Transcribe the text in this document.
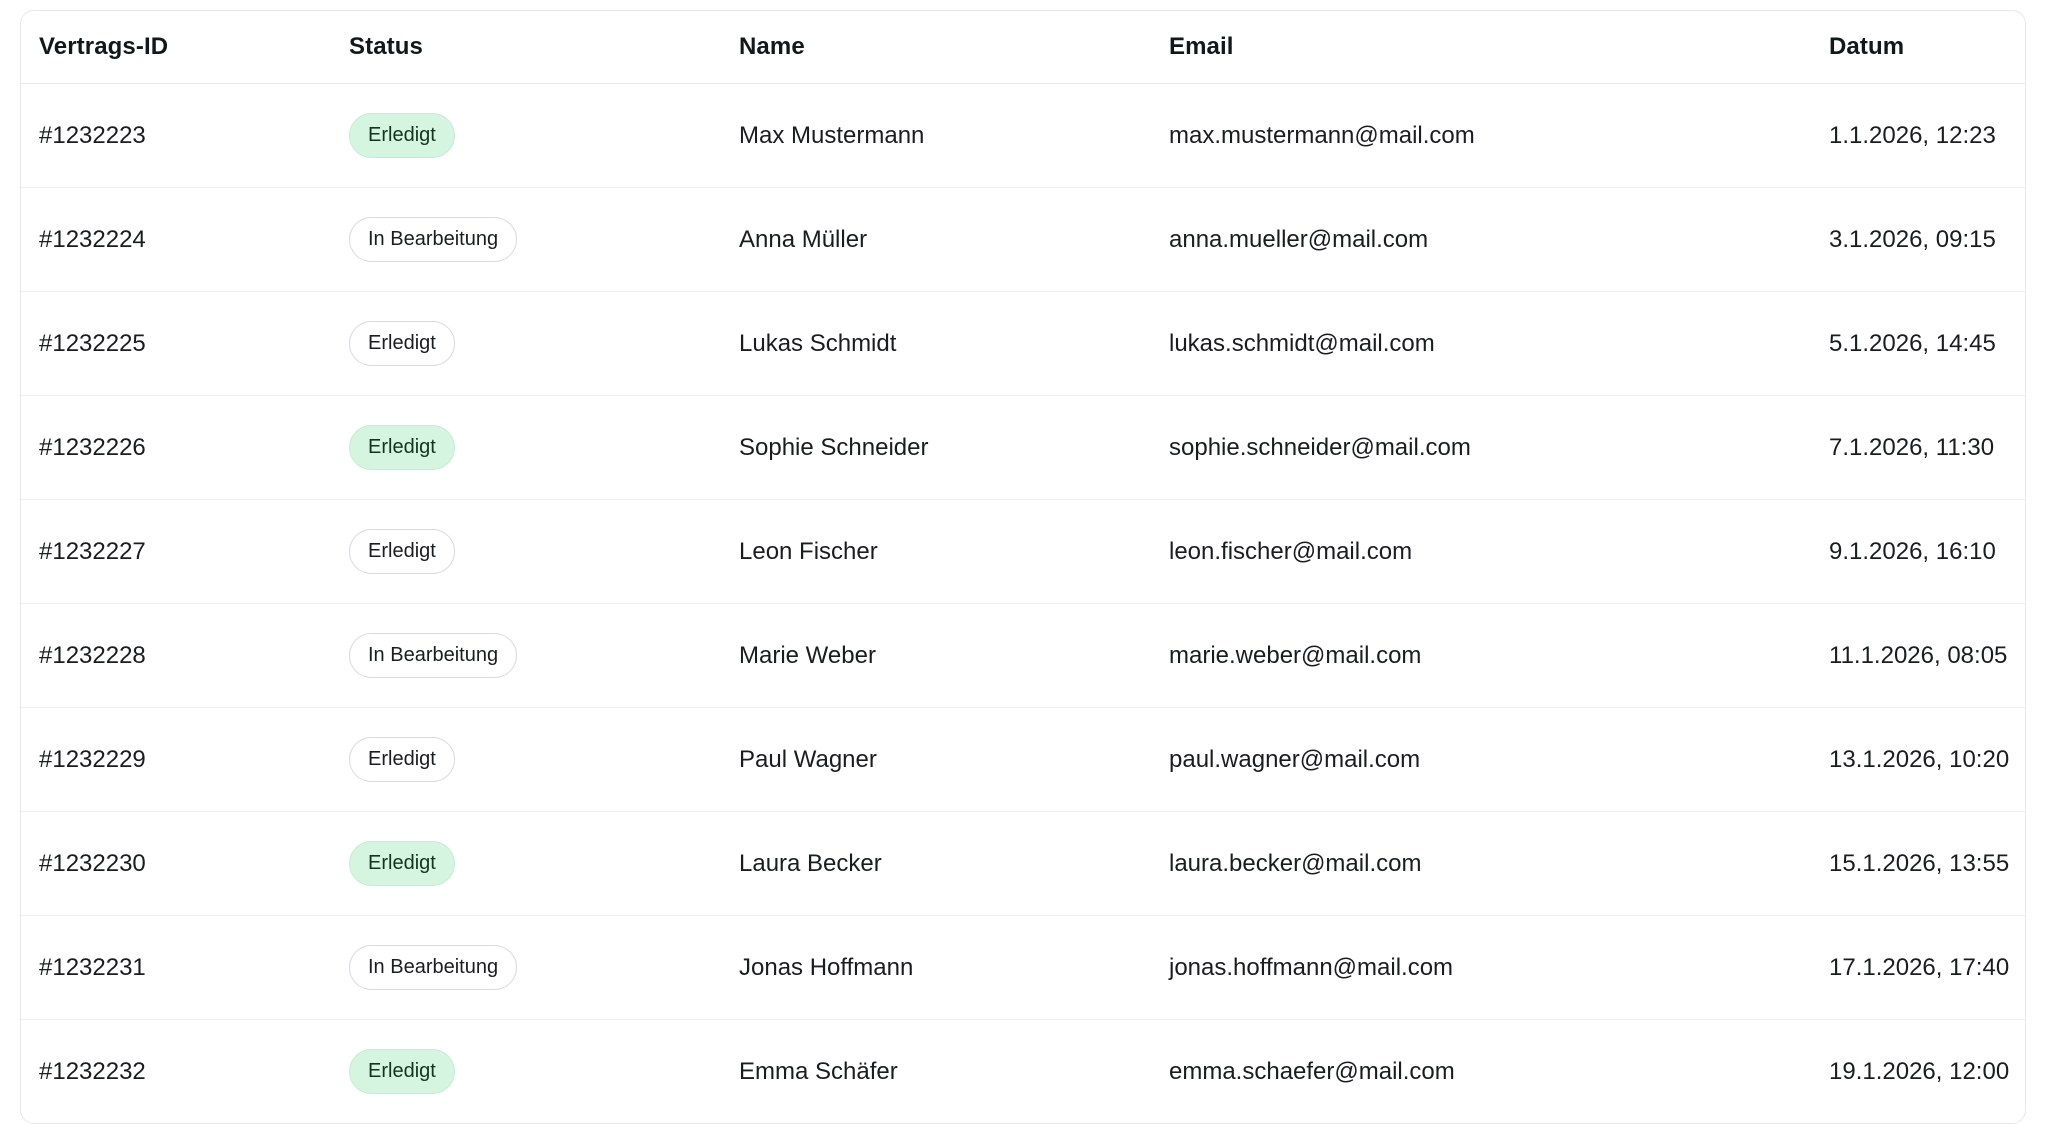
Vertrags-ID	Status	Name	Email	Datum
#1232223	Erledigt	Max Mustermann	max.mustermann@mail.com	1.1.2026, 12:23
#1232224	In Bearbeitung	Anna Müller	anna.mueller@mail.com	3.1.2026, 09:15
#1232225	Erledigt	Lukas Schmidt	lukas.schmidt@mail.com	5.1.2026, 14:45
#1232226	Erledigt	Sophie Schneider	sophie.schneider@mail.com	7.1.2026, 11:30
#1232227	Erledigt	Leon Fischer	leon.fischer@mail.com	9.1.2026, 16:10
#1232228	In Bearbeitung	Marie Weber	marie.weber@mail.com	11.1.2026, 08:05
#1232229	Erledigt	Paul Wagner	paul.wagner@mail.com	13.1.2026, 10:20
#1232230	Erledigt	Laura Becker	laura.becker@mail.com	15.1.2026, 13:55
#1232231	In Bearbeitung	Jonas Hoffmann	jonas.hoffmann@mail.com	17.1.2026, 17:40
#1232232	Erledigt	Emma Schäfer	emma.schaefer@mail.com	19.1.2026, 12:00
